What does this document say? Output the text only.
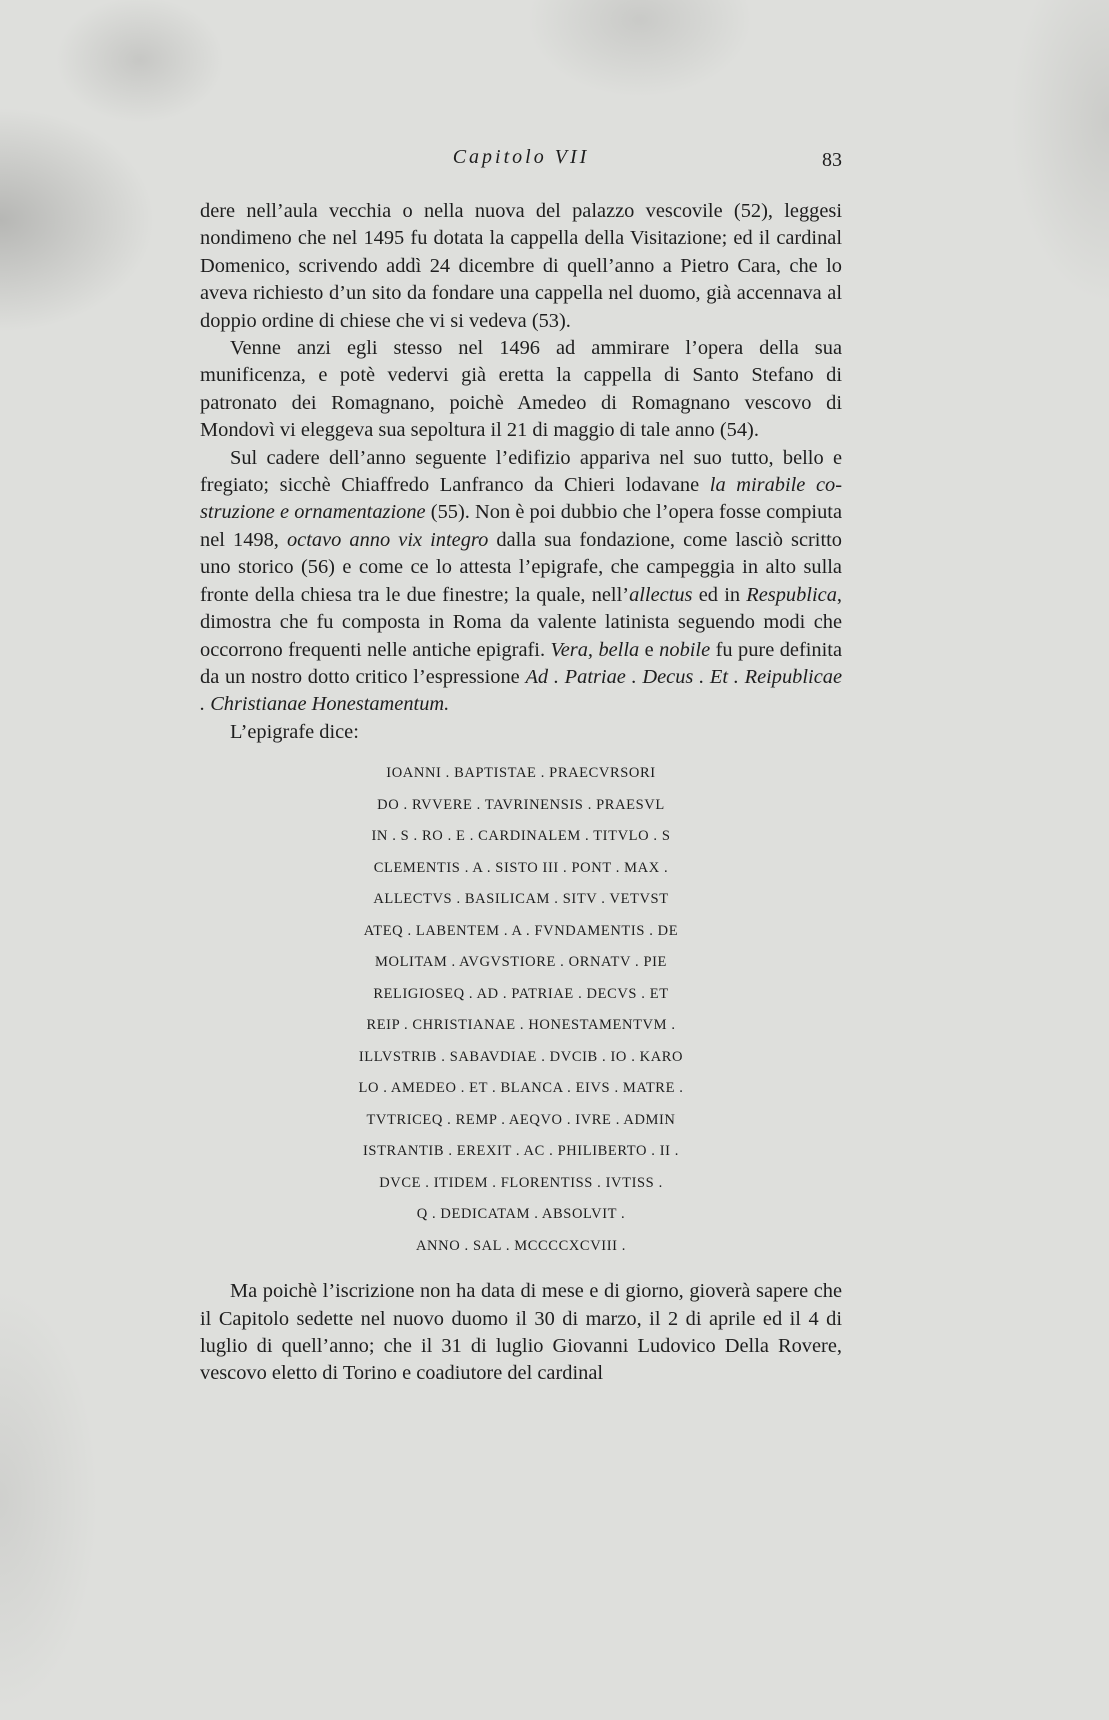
Capitolo VII	83

dere nell’aula vecchia o nella nuova del palazzo vescovile (52), leggesi nondimeno che nel 1495 fu dotata la cappella della Visitazione; ed il cardinal Domenico, scrivendo addì 24 dicembre di quell’anno a Pietro Cara, che lo aveva richiesto d’un sito da fondare una cappella nel duomo, già accennava al doppio ordine di chiese che vi si vedeva (53).

Venne anzi egli stesso nel 1496 ad ammirare l’opera della sua munificenza, e potè vedervi già eretta la cappella di Santo Stefano di patronato dei Romagnano, poichè Amedeo di Romagnano vescovo di Mondovì vi eleggeva sua sepoltura il 21 di maggio di tale anno (54).

Sul cadere dell’anno seguente l’edifizio appariva nel suo tutto, bello e fregiato; sicchè Chiaffredo Lanfranco da Chieri lodavane la mirabile costruzione e ornamentazione (55). Non è poi dubbio che l’opera fosse compiuta nel 1498, octavo anno vix integro dalla sua fondazione, come lasciò scritto uno storico (56) e come ce lo attesta l’epigrafe, che campeggia in alto sulla fronte della chiesa tra le due finestre; la quale, nell’allectus ed in Respublica, dimostra che fu composta in Roma da valente latinista seguendo modi che occorrono frequenti nelle antiche epigrafi. Vera, bella e nobile fu pure definita da un nostro dotto critico l’espressione Ad . Patriae . Decus . Et . Reipublicae . Christianae Honestamentum.

L’epigrafe dice:

IOANNI . BAPTISTAE . PRAECVRSORI
DO . RVVERE . TAVRINENSIS . PRAESVL
IN . S . RO . E . CARDINALEM . TITVLO . S
CLEMENTIS . A . SISTO III . PONT . MAX .
ALLECTVS . BASILICAM . SITV . VETVST
ATEQ . LABENTEM . A . FVNDAMENTIS . DE
MOLITAM . AVGVSTIORE . ORNATV . PIE
RELIGIOSEQ . AD . PATRIAE . DECVS . ET
REIP . CHRISTIANAE . HONESTAMENTVM .
ILLVSTRIB . SABAVDIAE . DVCIB . IO . KARO
LO . AMEDEO . ET . BLANCA . EIVS . MATRE .
TVTRICEQ . REMP . AEQVO . IVRE . ADMIN
ISTRANTIB . EREXIT . AC . PHILIBERTO . II .
DVCE . ITIDEM . FLORENTISS . IVTISS .
Q . DEDICATAM . ABSOLVIT .
ANNO . SAL . MCCCCXCVIII .

Ma poichè l’iscrizione non ha data di mese e di giorno, gioverà sapere che il Capitolo sedette nel nuovo duomo il 30 di marzo, il 2 di aprile ed il 4 di luglio di quell’anno; che il 31 di luglio Giovanni Ludovico Della Rovere, vescovo eletto di Torino e coadiutore del cardinal
